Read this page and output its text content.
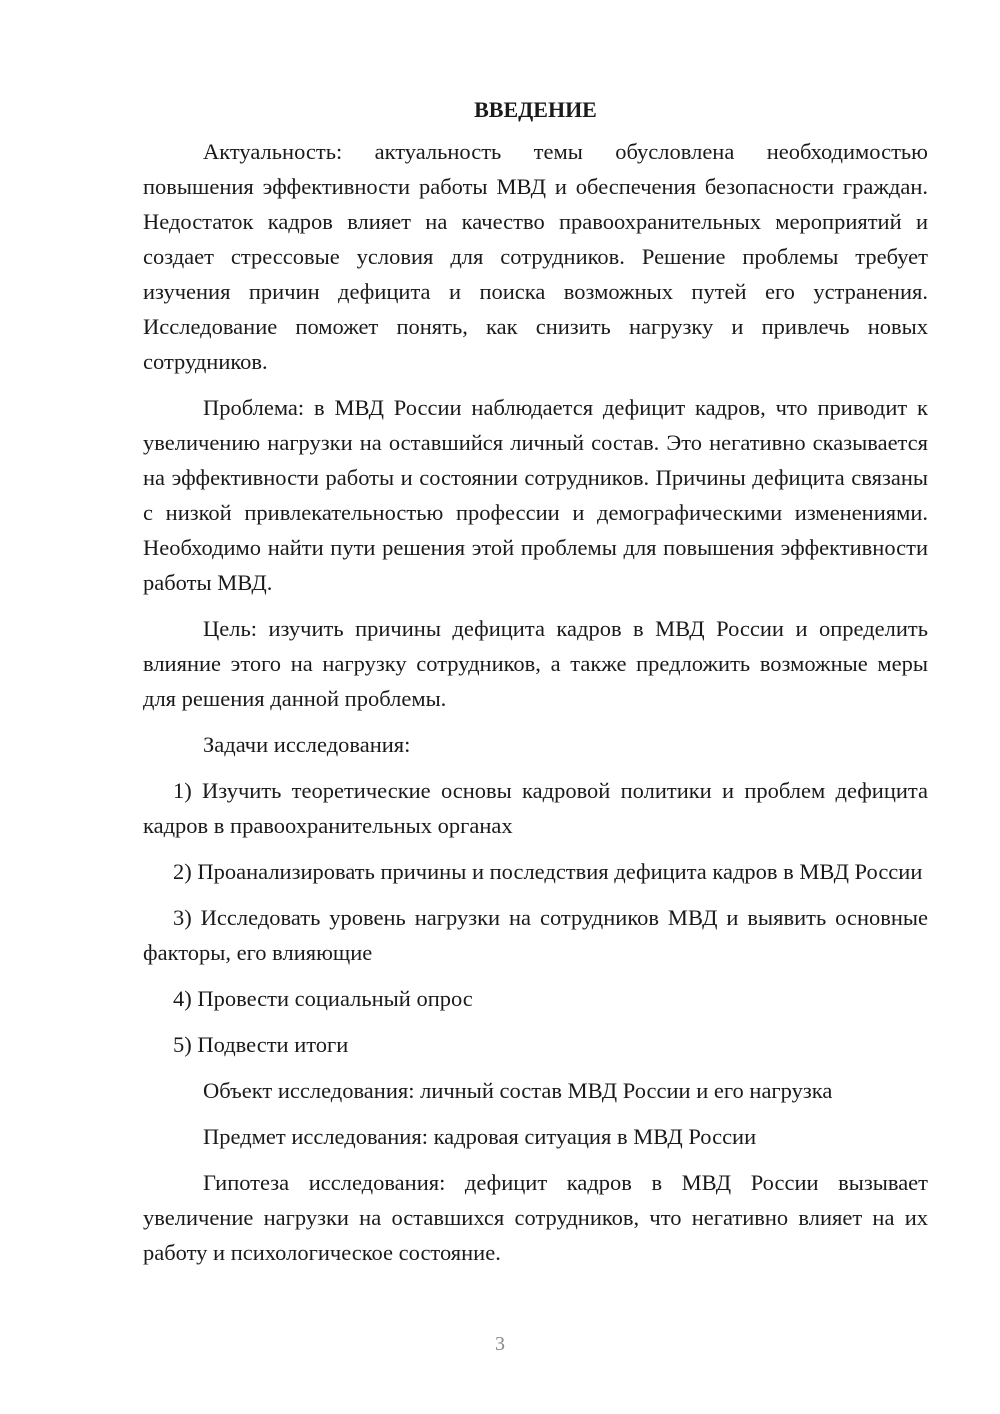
ВВЕДЕНИЕ

Актуальность: актуальность темы обусловлена необходимостью повышения эффективности работы МВД и обеспечения безопасности граждан. Недостаток кадров влияет на качество правоохранительных мероприятий и создает стрессовые условия для сотрудников. Решение проблемы требует изучения причин дефицита и поиска возможных путей его устранения. Исследование поможет понять, как снизить нагрузку и привлечь новых сотрудников.

Проблема: в МВД России наблюдается дефицит кадров, что приводит к увеличению нагрузки на оставшийся личный состав. Это негативно сказывается на эффективности работы и состоянии сотрудников. Причины дефицита связаны с низкой привлекательностью профессии и демографическими изменениями. Необходимо найти пути решения этой проблемы для повышения эффективности работы МВД.

Цель: изучить причины дефицита кадров в МВД России и определить влияние этого на нагрузку сотрудников, а также предложить возможные меры для решения данной проблемы.

Задачи исследования:

1) Изучить теоретические основы кадровой политики и проблем дефицита кадров в правоохранительных органах

2) Проанализировать причины и последствия дефицита кадров в МВД России

3) Исследовать уровень нагрузки на сотрудников МВД и выявить основные факторы, его влияющие

4) Провести социальный опрос

5) Подвести итоги

Объект исследования: личный состав МВД России и его нагрузка

Предмет исследования: кадровая ситуация в МВД России

Гипотеза исследования: дефицит кадров в МВД России вызывает увеличение нагрузки на оставшихся сотрудников, что негативно влияет на их работу и психологическое состояние.

3
